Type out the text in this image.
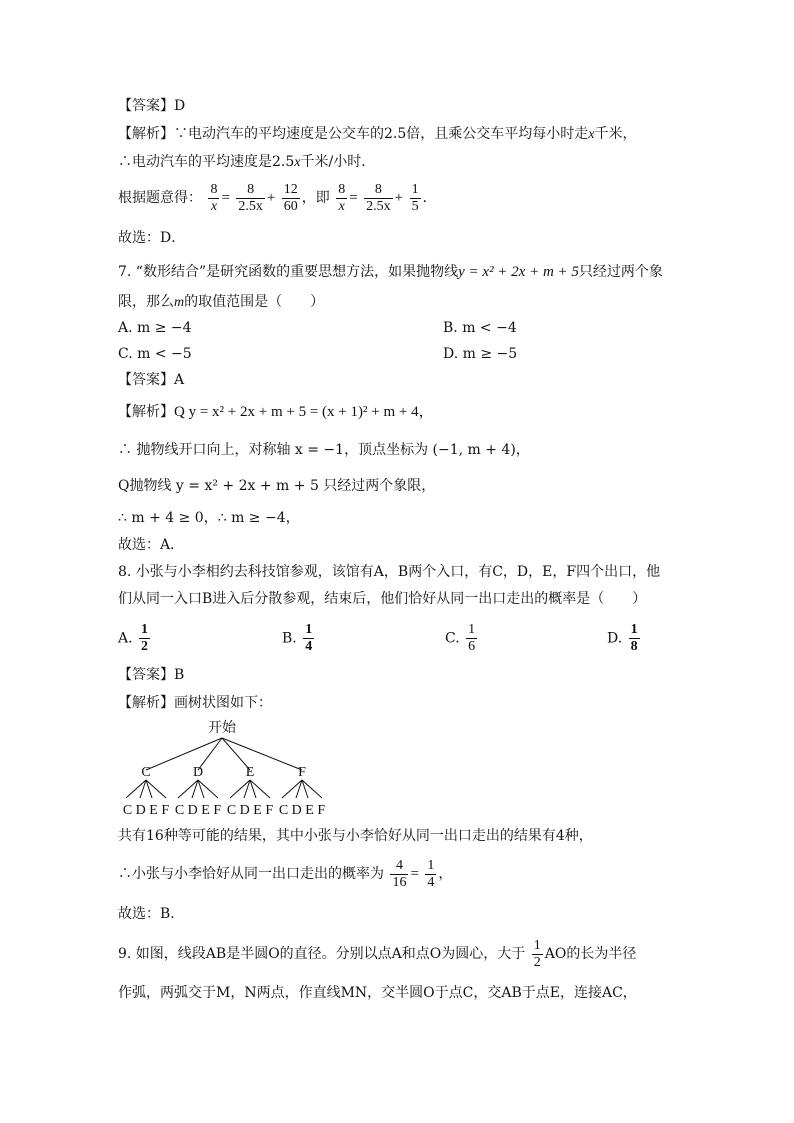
【答案】D
【解析】∵电动汽车的平均速度是公交车的2.5倍，且乘公交车平均每小时走x千米，
∴电动汽车的平均速度是2.5x千米/小时．
根据题意得： $\frac{8}{x} = \frac{8}{2.5x} + \frac{12}{60}$ ，即 $\frac{8}{x} = \frac{8}{2.5x} + \frac{1}{5}$ ．
故选：D．
7. “数形结合”是研究函数的重要思想方法，如果抛物线y = x² + 2x + m + 5只经过两个象
限，那么m的取值范围是（　　）
A. m ≥ −4	B. m < −4
C. m < −5	D. m ≥ −5
【答案】A
【解析】Q y = x² + 2x + m + 5 = (x + 1)² + m + 4，
∴ 抛物线开口向上，对称轴 x = −1，顶点坐标为 (−1, m + 4)，
Q抛物线 y = x² + 2x + m + 5 只经过两个象限，
∴ m + 4 ≥ 0，∴ m ≥ −4，
故选：A．
8. 小张与小李相约去科技馆参观，该馆有A，B两个入口，有C，D，E，F四个出口，他
们从同一入口B进入后分散参观，结束后，他们恰好从同一出口走出的概率是（　　）
A. $\frac{1}{2}$	B. $\frac{1}{4}$	C. $\frac{1}{6}$	D. $\frac{1}{8}$
【答案】B
【解析】画树状图如下：
开始
C	D	E	F
C D E F C D E F C D E F C D E F
共有16种等可能的结果，其中小张与小李恰好从同一出口走出的结果有4种，
∴小张与小李恰好从同一出口走出的概率为 $\frac{4}{16} = \frac{1}{4}$ ，
故选：B．
9. 如图，线段AB是半圆O的直径。分别以点A和点O为圆心，大于 $\frac{1}{2}$ AO的长为半径
作弧，两弧交于M，N两点，作直线MN，交半圆O于点C，交AB于点E，连接AC，
